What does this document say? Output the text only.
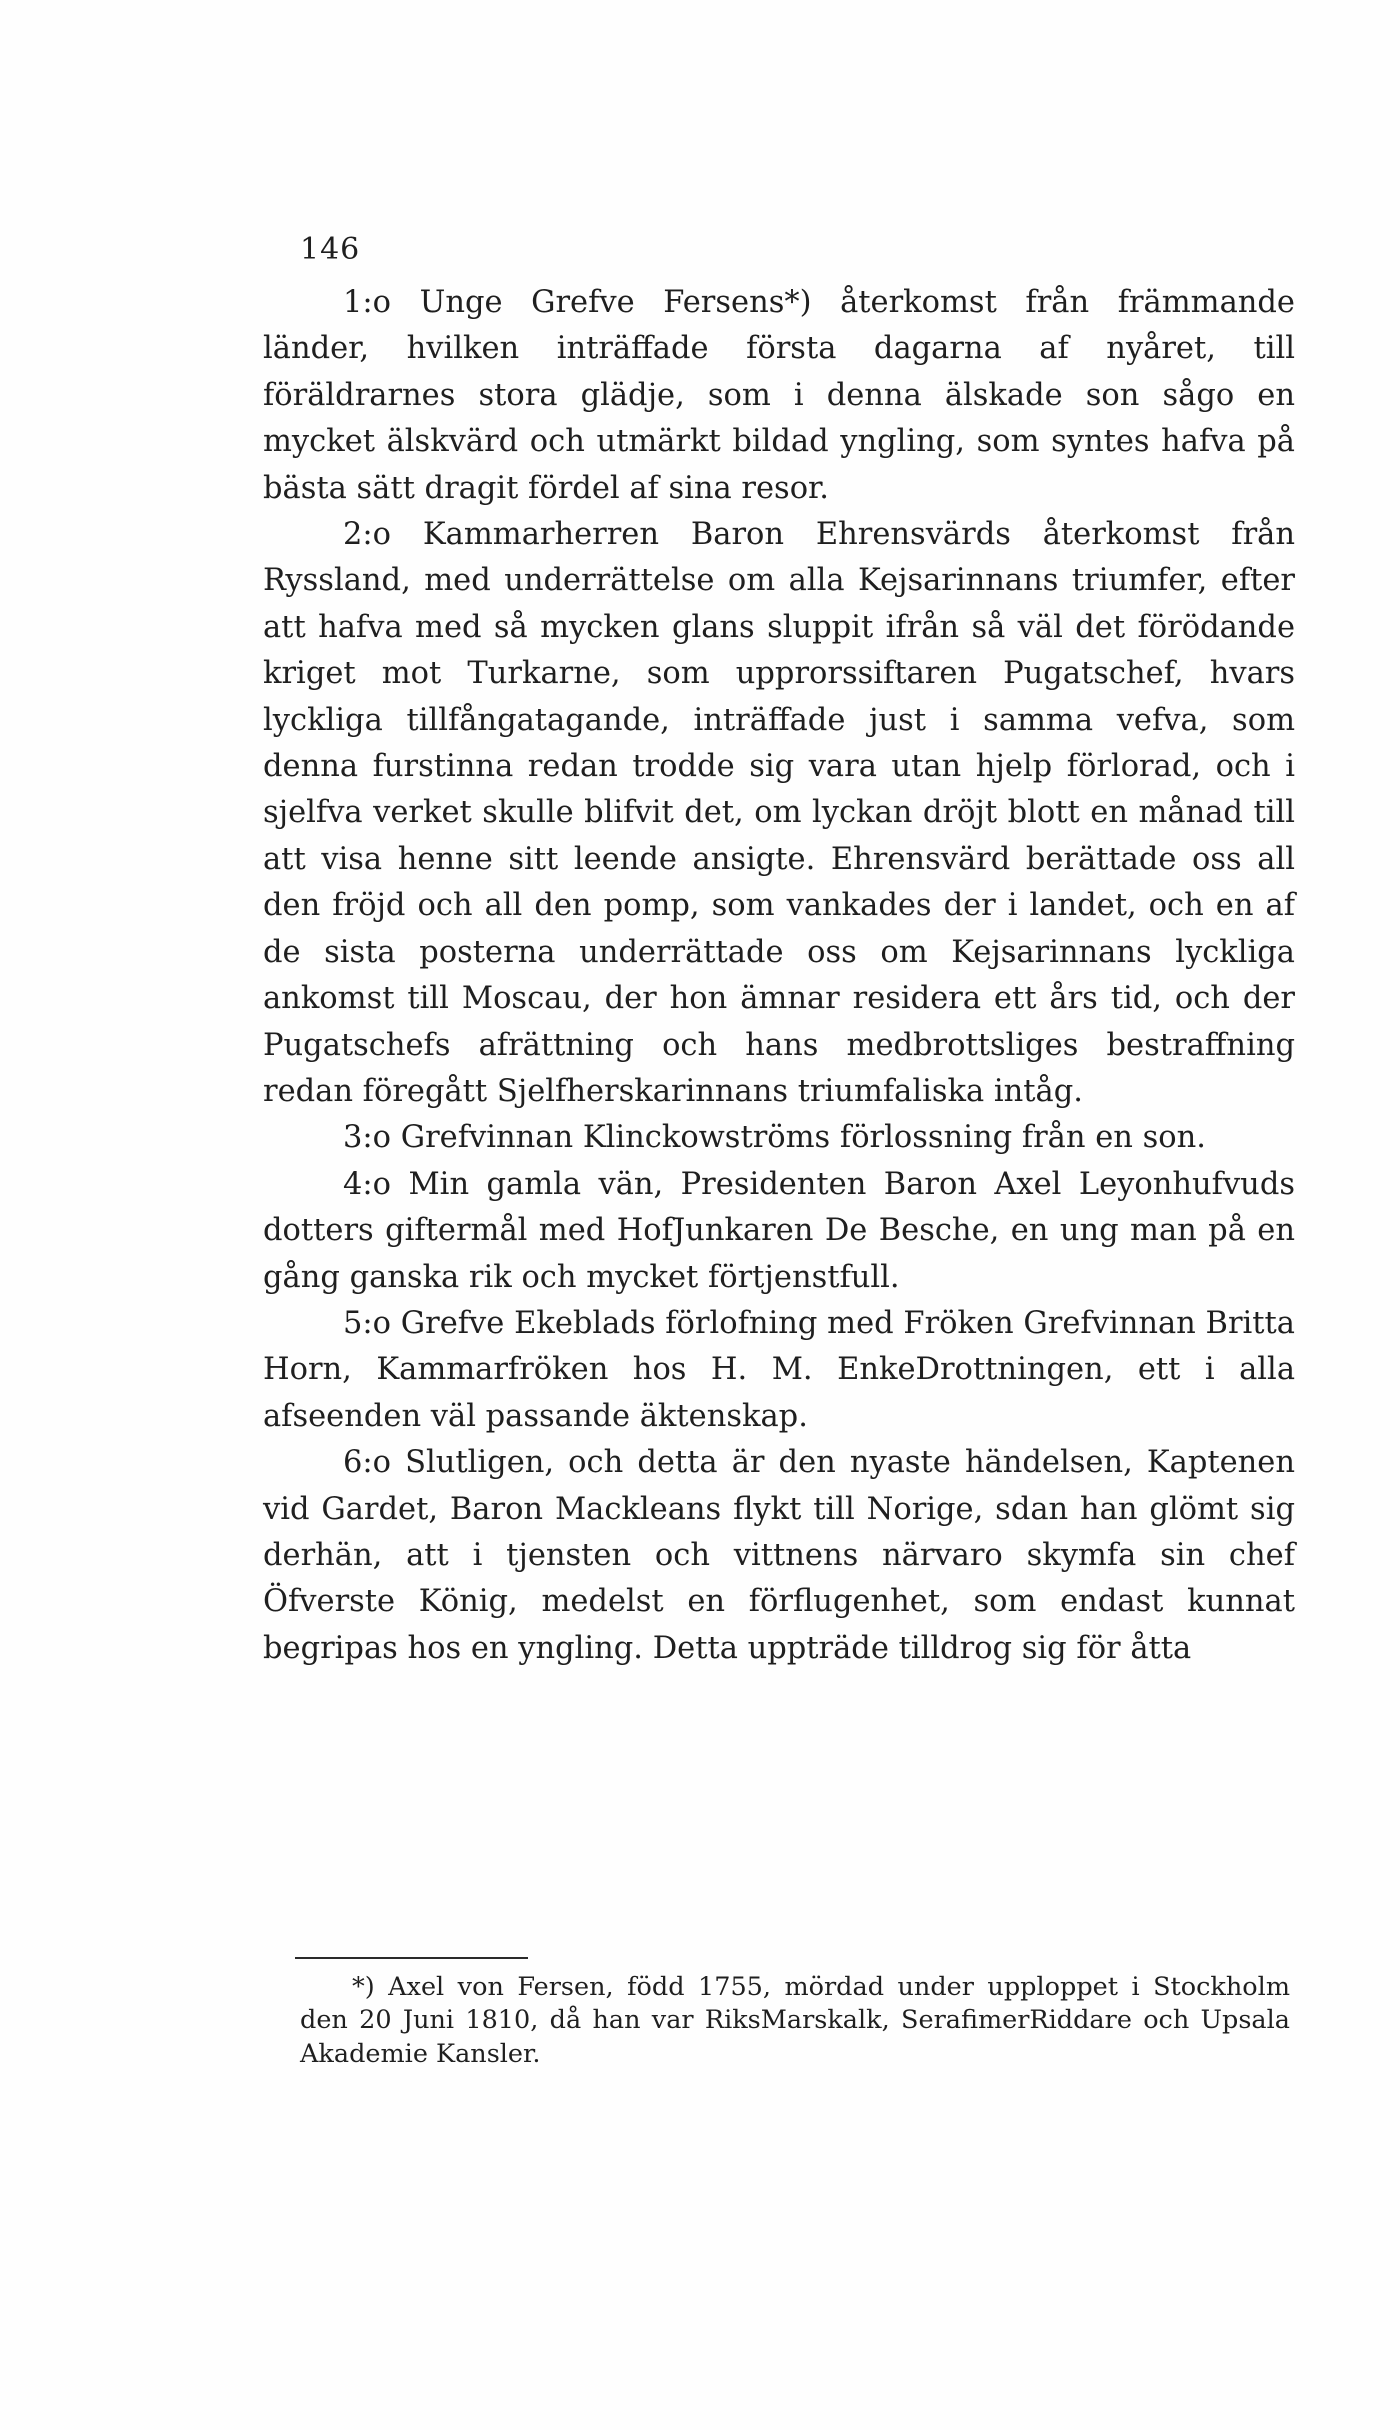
146

1:o Unge Grefve Fersens*) återkomst från främmande länder, hvilken inträffade första dagarna af nyåret, till föräldrarnes stora glädje, som i denna älskade son sågo en mycket älskvärd och utmärkt bildad yngling, som syntes hafva på bästa sätt dragit fördel af sina resor.

2:o Kammarherren Baron Ehrensvärds återkomst från Ryssland, med underrättelse om alla Kejsarinnans triumfer, efter att hafva med så mycken glans sluppit ifrån så väl det förödande kriget mot Turkarne, som upprorssiftaren Pugatschef, hvars lyckliga tillfångatagande, inträffade just i samma vefva, som denna furstinna redan trodde sig vara utan hjelp förlorad, och i sjelfva verket skulle blifvit det, om lyckan dröjt blott en månad till att visa henne sitt leende ansigte. Ehrensvärd berättade oss all den fröjd och all den pomp, som vankades der i landet, och en af de sista posterna underrättade oss om Kejsarinnans lyckliga ankomst till Moscau, der hon ämnar residera ett års tid, och der Pugatschefs afrättning och hans medbrottsliges bestraffning redan föregått Sjelfherskarinnans triumfaliska intåg.

3:o Grefvinnan Klinckowströms förlossning från en son.

4:o Min gamla vän, Presidenten Baron Axel Leyonhufvuds dotters giftermål med HofJunkaren De Besche, en ung man på en gång ganska rik och mycket förtjenstfull.

5:o Grefve Ekeblads förlofning med Fröken Grefvinnan Britta Horn, Kammarfröken hos H. M. EnkeDrottningen, ett i alla afseenden väl passande äktenskap.

6:o Slutligen, och detta är den nyaste händelsen, Kaptenen vid Gardet, Baron Mackleans flykt till Norige, sdan han glömt sig derhän, att i tjensten och vittnens närvaro skymfa sin chef Öfverste König, medelst en förflugenhet, som endast kunnat begripas hos en yngling. Detta uppträde tilldrog sig för åtta

*) Axel von Fersen, född 1755, mördad under upploppet i Stockholm den 20 Juni 1810, då han var RiksMarskalk, SerafimerRiddare och Upsala Akademie Kansler.
